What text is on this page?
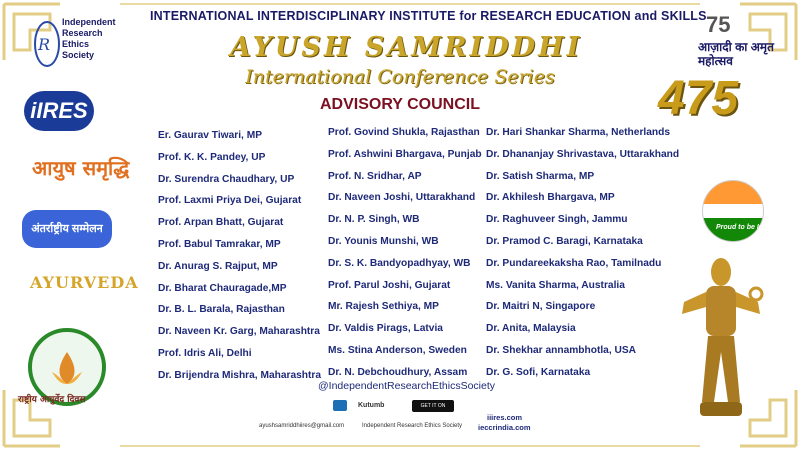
INTERNATIONAL INTERDISCIPLINARY INSTITUTE for RESEARCH EDUCATION and SKILLS
AYUSH SAMRIDDHI
International Conference Series
ADVISORY COUNCIL
R
Independent
Research
Ethics
Society
iIRES
आयुष समृद्धि
अंतर्राष्ट्रीय सम्मेलन श्रृंखला
AYURVEDA
राष्ट्रीय आयुर्वेद दिवस
75
आज़ादी का अमृत महोत्सव
475
Proud to be Indian
Er. Gaurav Tiwari, MP
Prof. K. K. Pandey, UP
Dr. Surendra Chaudhary, UP
Prof. Laxmi Priya Dei, Gujarat
Prof. Arpan Bhatt, Gujarat
Prof. Babul Tamrakar, MP
Dr. Anurag S. Rajput, MP
Dr. Bharat Chauragade,MP
Dr. B. L. Barala, Rajasthan
Dr. Naveen Kr. Garg, Maharashtra
Prof. Idris Ali, Delhi
Dr. Brijendra Mishra, Maharashtra
Prof. Govind Shukla, Rajasthan
Prof. Ashwini Bhargava, Punjab
Prof. N. Sridhar, AP
Dr. Naveen Joshi, Uttarakhand
Dr. N. P. Singh, WB
Dr. Younis Munshi, WB
Dr. S. K. Bandyopadhyay, WB
Prof. Parul Joshi, Gujarat
Mr. Rajesh Sethiya, MP
Dr. Valdis Pirags, Latvia
Ms. Stina Anderson, Sweden
Dr. N. Debchoudhury, Assam
Dr. Hari Shankar Sharma, Netherlands
Dr. Dhananjay Shrivastava, Uttarakhand
Dr. Satish Sharma, MP
Dr. Akhilesh Bhargava, MP
Dr. Raghuveer Singh, Jammu
Dr. Pramod C. Baragi, Karnataka
Dr. Pundareekaksha Rao, Tamilnadu
Ms. Vanita Sharma, Australia
Dr. Maitri N, Singapore
Dr. Anita, Malaysia
Dr. Shekhar annambhotla, USA
Dr. G. Sofi, Karnataka
@IndependentResearchEthicsSociety
Kutumb	GET IT ON Google Play
ayushsamriddhiires@gmail.com	Independent Research Ethics Society
iiires.com
ieccrindia.com
